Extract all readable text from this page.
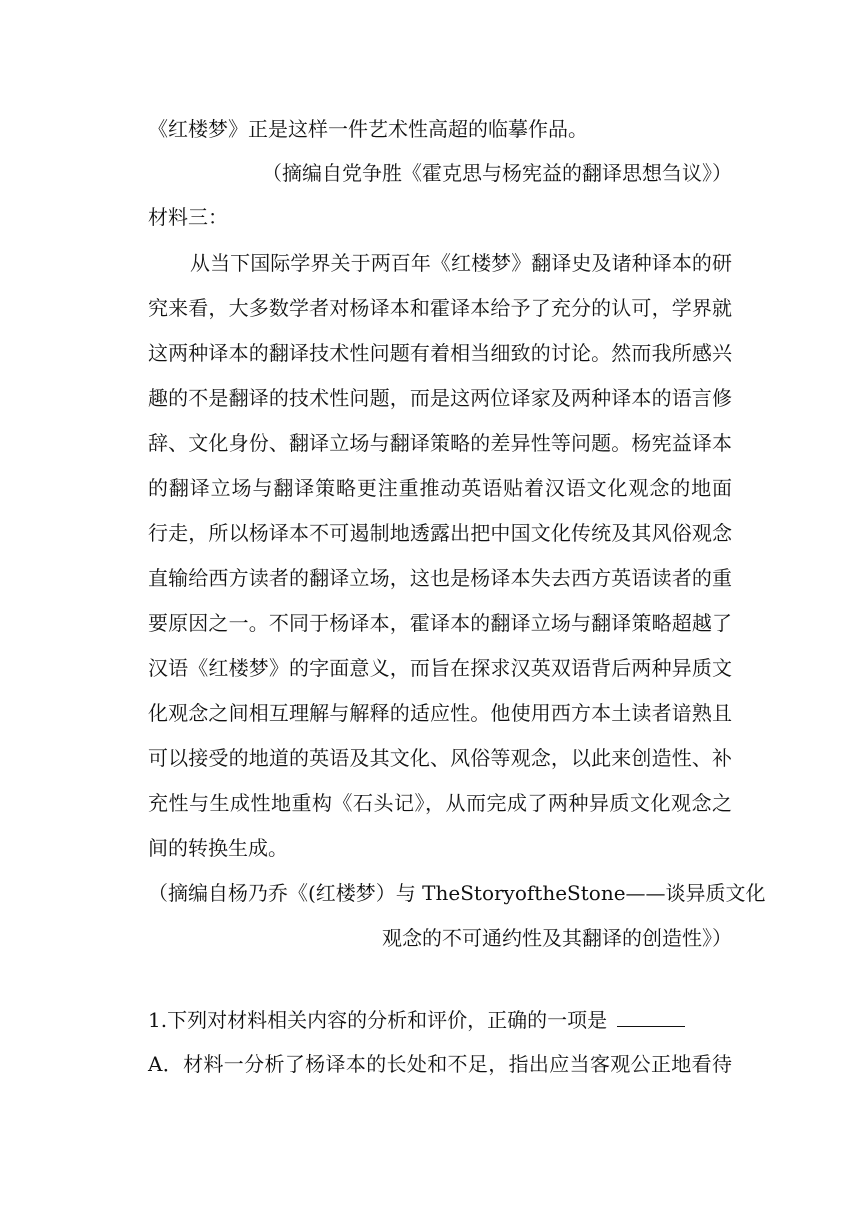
《红楼梦》正是这样一件艺术性高超的临摹作品。
（摘编自党争胜《霍克思与杨宪益的翻译思想刍议》）
材料三：
从当下国际学界关于两百年《红楼梦》翻译史及诸种译本的研
究来看，大多数学者对杨译本和霍译本给予了充分的认可，学界就
这两种译本的翻译技术性问题有着相当细致的讨论。然而我所感兴
趣的不是翻译的技术性问题，而是这两位译家及两种译本的语言修
辞、文化身份、翻译立场与翻译策略的差异性等问题。杨宪益译本
的翻译立场与翻译策略更注重推动英语贴着汉语文化观念的地面
行走，所以杨译本不可遏制地透露出把中国文化传统及其风俗观念
直输给西方读者的翻译立场，这也是杨译本失去西方英语读者的重
要原因之一。不同于杨译本，霍译本的翻译立场与翻译策略超越了
汉语《红楼梦》的字面意义，而旨在探求汉英双语背后两种异质文
化观念之间相互理解与解释的适应性。他使用西方本土读者谙熟且
可以接受的地道的英语及其文化、风俗等观念，以此来创造性、补
充性与生成性地重构《石头记》，从而完成了两种异质文化观念之
间的转换生成。
（摘编自杨乃乔《(红楼梦）与 TheStoryoftheStone——谈异质文化
观念的不可通约性及其翻译的创造性》）
1.下列对材料相关内容的分析和评价，正确的一项是
A．材料一分析了杨译本的长处和不足，指出应当客观公正地看待
